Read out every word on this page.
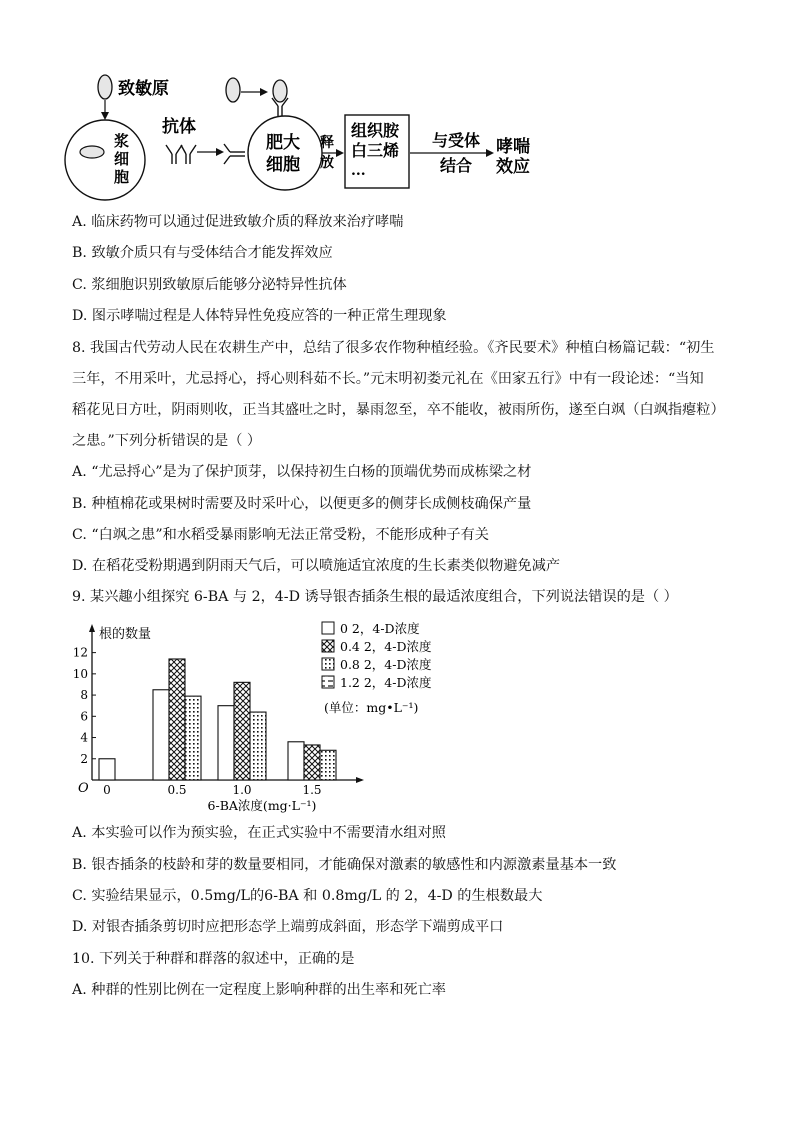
致敏原
浆
细
胞
抗体
肥大
细胞
释
放
组织胺
白三烯
...
与受体
结合
哮喘
效应
A. 临床药物可以通过促进致敏介质的释放来治疗哮喘
B. 致敏介质只有与受体结合才能发挥效应
C. 浆细胞识别致敏原后能够分泌特异性抗体
D. 图示哮喘过程是人体特异性免疫应答的一种正常生理现象
8. 我国古代劳动人民在农耕生产中，总结了很多农作物种植经验。《齐民要术》种植白杨篇记载：“初生
三年，不用采叶，尤忌捋心，捋心则科茹不长。”元末明初娄元礼在《田家五行》中有一段论述：“当知
稻花见日方吐，阴雨则收，正当其盛吐之时，暴雨忽至，卒不能收，被雨所伤，遂至白飒（白飒指瘪粒）
之患。”下列分析错误的是（ ）
A. “尤忌捋心”是为了保护顶芽，以保持初生白杨的顶端优势而成栋梁之材
B. 种植棉花或果树时需要及时采叶心，以便更多的侧芽长成侧枝确保产量
C. “白飒之患”和水稻受暴雨影响无法正常受粉，不能形成种子有关
D. 在稻花受粉期遇到阴雨天气后，可以喷施适宜浓度的生长素类似物避免减产
9. 某兴趣小组探究 6-BA 与 2，4-D 诱导银杏插条生根的最适浓度组合，下列说法错误的是（ ）
根的数量
O
2
4
6
8
10
12
0	0.5	1.0	1.5
6-BA浓度(mg·L⁻¹)
0 2，4-D浓度
0.4 2，4-D浓度
0.8 2，4-D浓度
1.2 2，4-D浓度
(单位：mg•L⁻¹)
A. 本实验可以作为预实验，在正式实验中不需要清水组对照
B. 银杏插条的枝龄和芽的数量要相同，才能确保对激素的敏感性和内源激素量基本一致
C. 实验结果显示，0.5mg/L的6-BA 和 0.8mg/L 的 2，4-D 的生根数最大
D. 对银杏插条剪切时应把形态学上端剪成斜面，形态学下端剪成平口
10. 下列关于种群和群落的叙述中，正确的是
A. 种群的性别比例在一定程度上影响种群的出生率和死亡率
